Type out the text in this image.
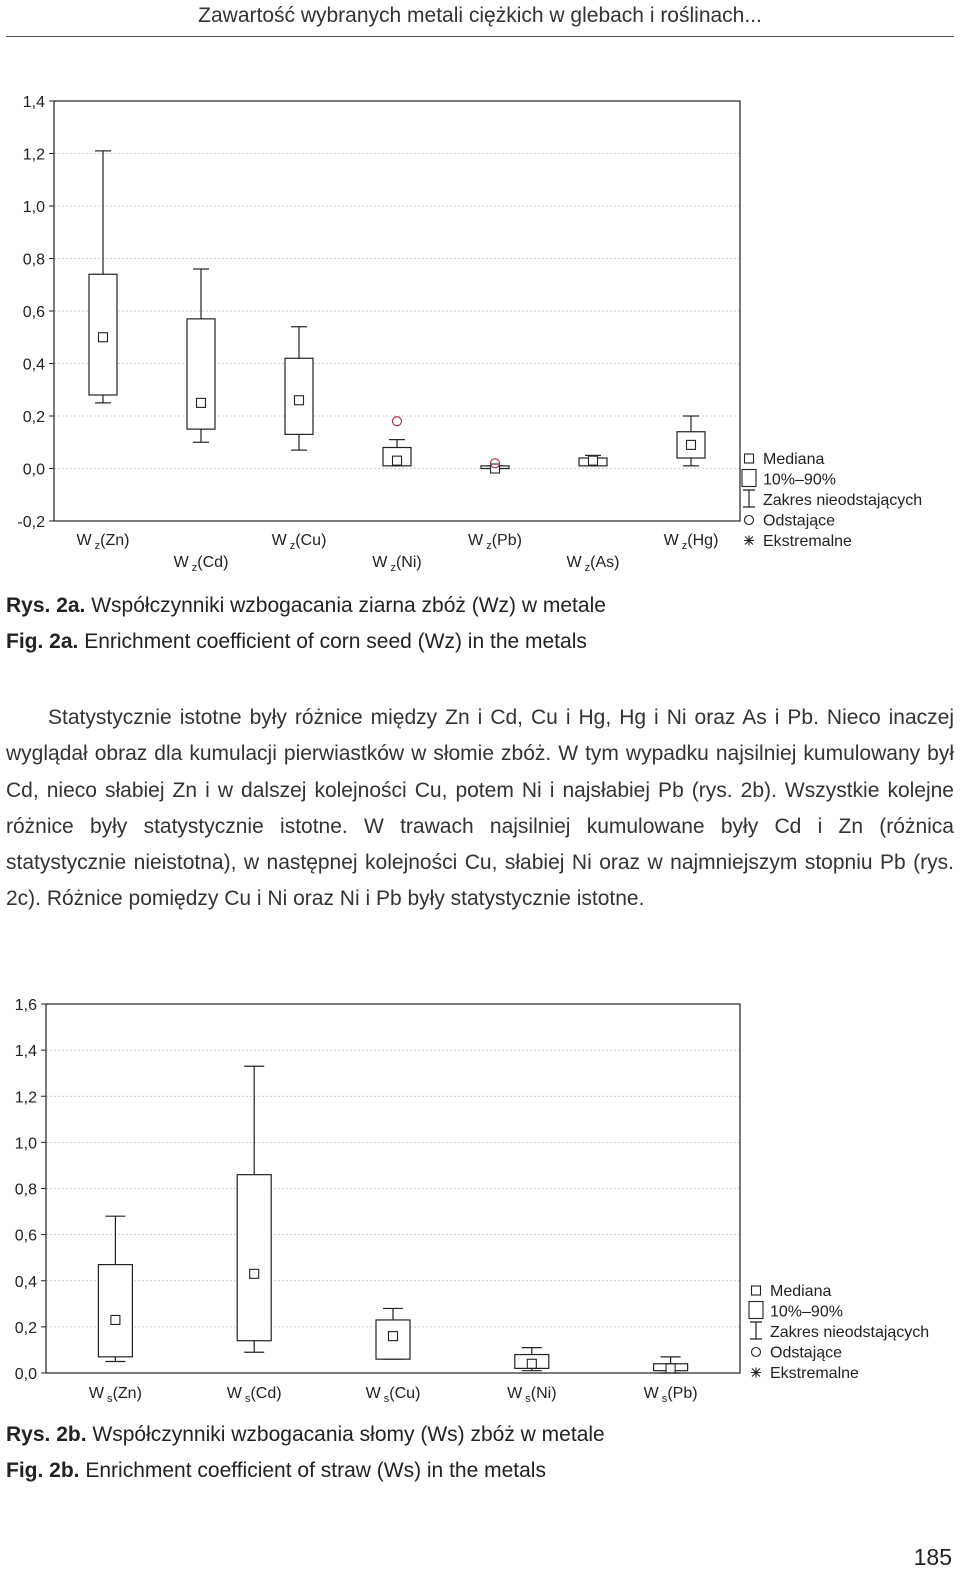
Zawartość wybranych metali ciężkich w glebach i roślinach...
-0,2
0,0
0,2
0,4
0,6
0,8
1,0
1,2
1,4
W $_z$(Zn)
W $_z$(Cd)
W $_z$(Cu)
W $_z$(Ni)
W $_z$(Pb)
W $_z$(As)
W $_z$(Hg)
Mediana
10%–90%
Zakres nieodstających
Odstające
Ekstremalne
Rys. 2a. Współczynniki wzbogacania ziarna zbóż (Wz) w metale
Fig. 2a. Enrichment coefficient of corn seed (Wz) in the metals

Statystycznie istotne były różnice między Zn i Cd, Cu i Hg, Hg i Ni oraz As i Pb. Nieco inaczej wyglądał obraz dla kumulacji pierwiastków w słomie zbóż. W tym wypadku najsilniej kumulowany był Cd, nieco słabiej Zn i w dalszej kolejności Cu, potem Ni i najsłabiej Pb (rys. 2b). Wszystkie kolejne różnice były statystycznie istotne. W trawach najsilniej kumulowane były Cd i Zn (różnica statystycznie nieistotna), w następnej kolejności Cu, słabiej Ni oraz w najmniejszym stopniu Pb (rys. 2c). Różnice pomiędzy Cu i Ni oraz Ni i Pb były statystycznie istotne.

0,0
0,2
0,4
0,6
0,8
1,0
1,2
1,4
1,6
W $_s$(Zn)	W $_s$(Cd)	W $_s$(Cu)	W $_s$(Ni)	W $_s$(Pb)
Mediana
10%–90%
Zakres nieodstających
Odstające
Ekstremalne
Rys. 2b. Współczynniki wzbogacania słomy (Ws) zbóż w metale
Fig. 2b. Enrichment coefficient of straw (Ws) in the metals
185
